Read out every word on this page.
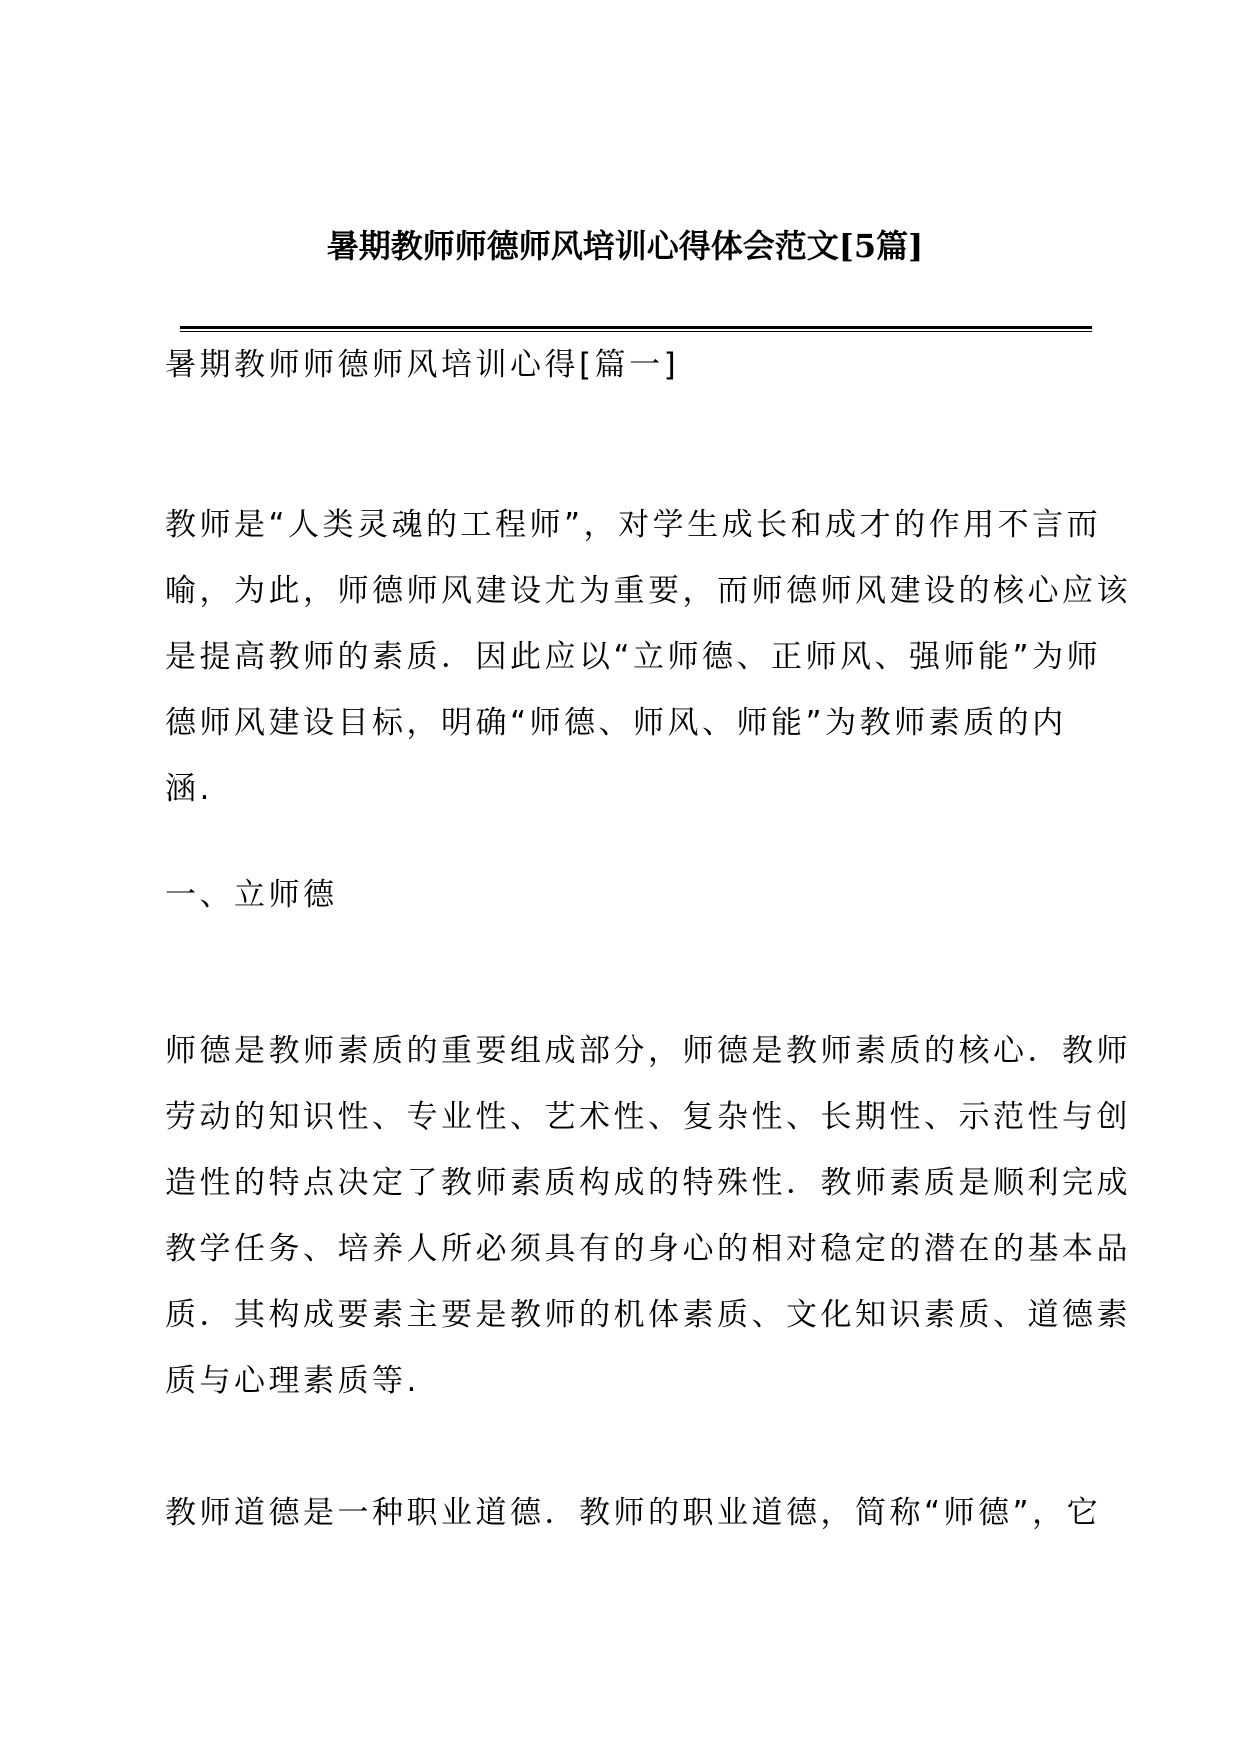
暑期教师师德师风培训心得体会范文[5篇]
暑期教师师德师风培训心得[篇一]
教师是“人类灵魂的工程师”，对学生成长和成才的作用不言而
喻，为此，师德师风建设尤为重要，而师德师风建设的核心应该
是提高教师的素质．因此应以“立师德、正师风、强师能”为师
德师风建设目标，明确“师德、师风、师能”为教师素质的内
涵.
一、立师德
师德是教师素质的重要组成部分，师德是教师素质的核心．教师
劳动的知识性、专业性、艺术性、复杂性、长期性、示范性与创
造性的特点决定了教师素质构成的特殊性．教师素质是顺利完成
教学任务、培养人所必须具有的身心的相对稳定的潜在的基本品
质．其构成要素主要是教师的机体素质、文化知识素质、道德素
质与心理素质等.
教师道德是一种职业道德．教师的职业道德，简称“师德”，它
